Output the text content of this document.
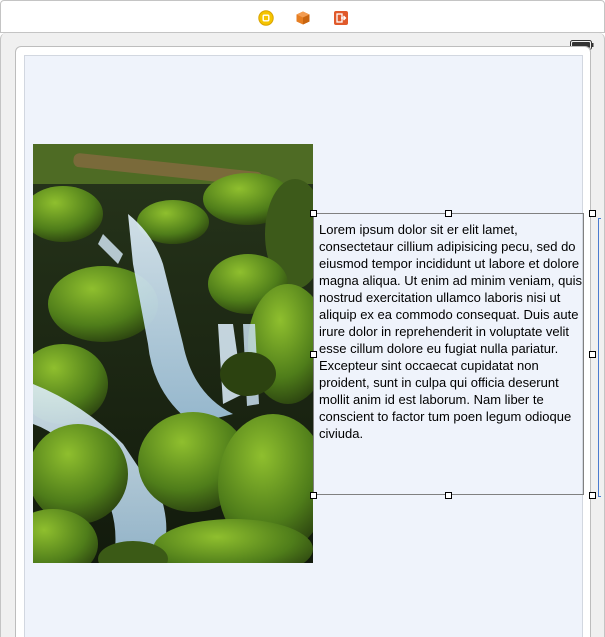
Lorem ipsum dolor sit er elit lamet, consectetaur cillium adipisicing pecu, sed do eiusmod tempor incididunt ut labore et dolore magna aliqua. Ut enim ad minim veniam, quis nostrud exercitation ullamco laboris nisi ut aliquip ex ea commodo consequat. Duis aute irure dolor in reprehenderit in voluptate velit esse cillum dolore eu fugiat nulla pariatur. Excepteur sint occaecat cupidatat non proident, sunt in culpa qui officia deserunt mollit anim id est laborum. Nam liber te conscient to factor tum poen legum odioque civiuda.
